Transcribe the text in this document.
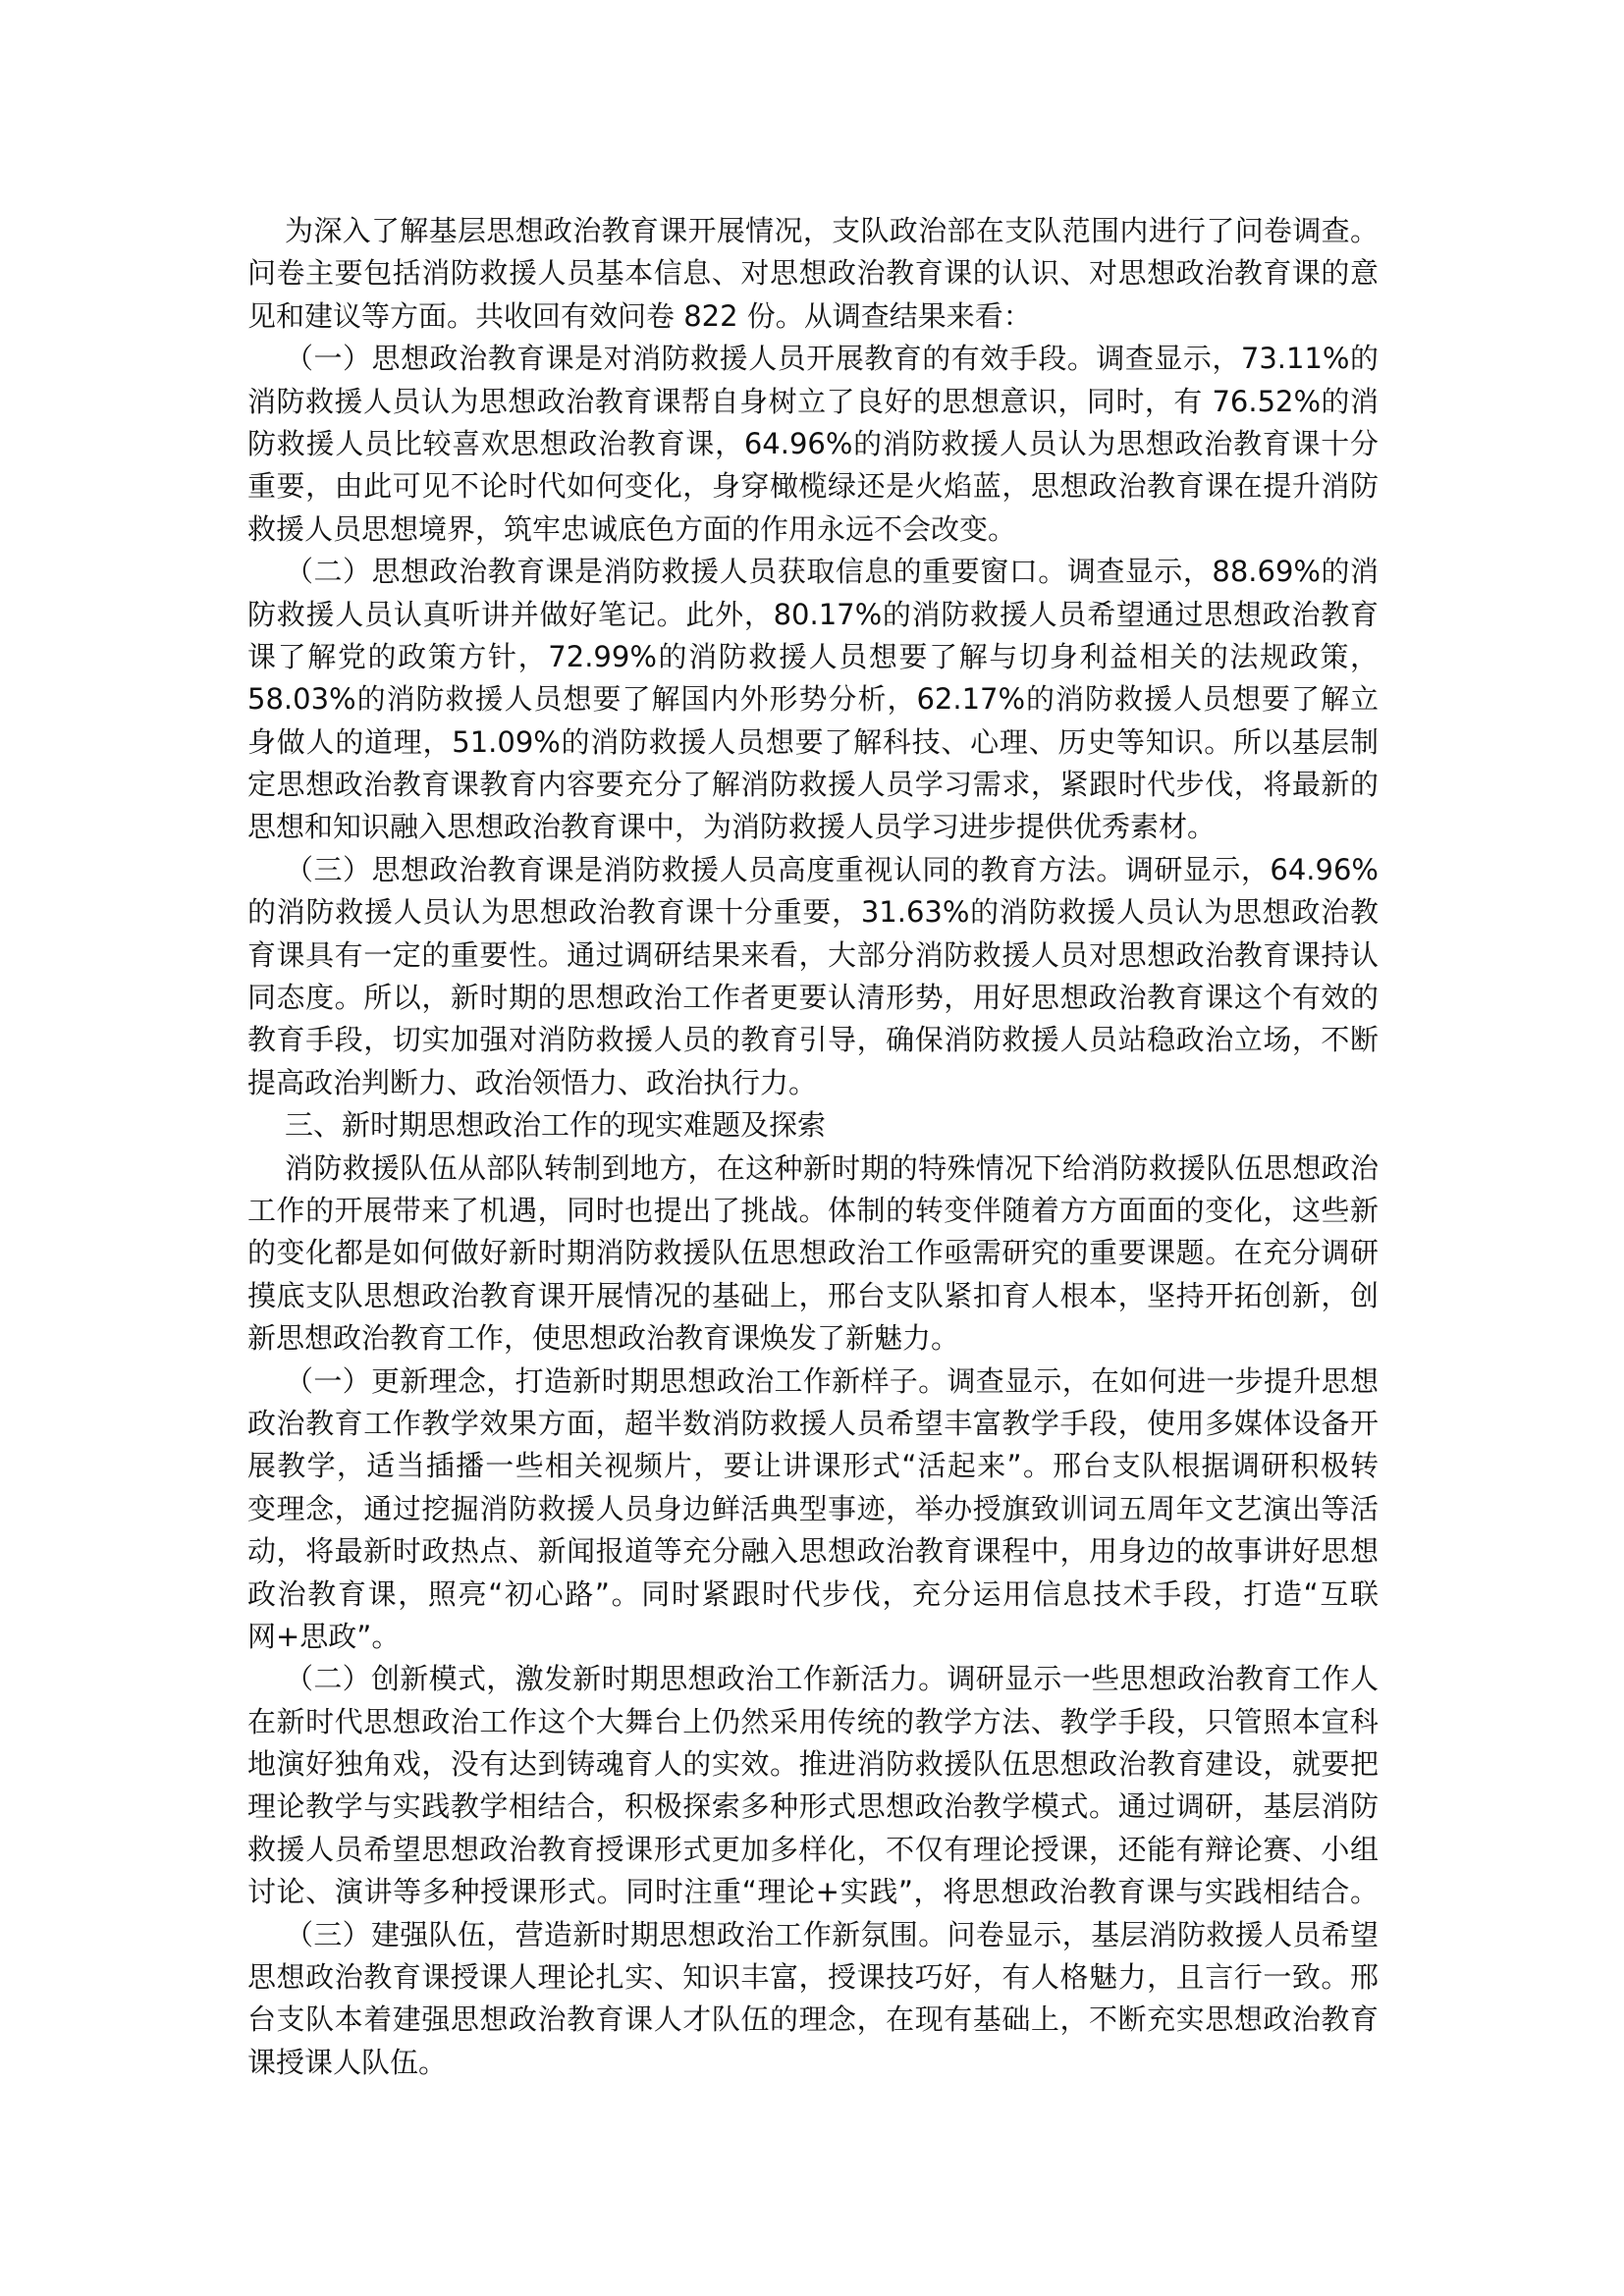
为深入了解基层思想政治教育课开展情况，支队政治部在支队范围内进行了问卷调查。
问卷主要包括消防救援人员基本信息、对思想政治教育课的认识、对思想政治教育课的意
见和建议等方面。共收回有效问卷 822 份。从调查结果来看：
（一）思想政治教育课是对消防救援人员开展教育的有效手段。调查显示，73.11%的
消防救援人员认为思想政治教育课帮自身树立了良好的思想意识，同时，有 76.52%的消
防救援人员比较喜欢思想政治教育课，64.96%的消防救援人员认为思想政治教育课十分
重要，由此可见不论时代如何变化，身穿橄榄绿还是火焰蓝，思想政治教育课在提升消防
救援人员思想境界，筑牢忠诚底色方面的作用永远不会改变。
（二）思想政治教育课是消防救援人员获取信息的重要窗口。调查显示，88.69%的消
防救援人员认真听讲并做好笔记。此外，80.17%的消防救援人员希望通过思想政治教育
课了解党的政策方针，72.99%的消防救援人员想要了解与切身利益相关的法规政策，
58.03%的消防救援人员想要了解国内外形势分析，62.17%的消防救援人员想要了解立
身做人的道理，51.09%的消防救援人员想要了解科技、心理、历史等知识。所以基层制
定思想政治教育课教育内容要充分了解消防救援人员学习需求，紧跟时代步伐，将最新的
思想和知识融入思想政治教育课中，为消防救援人员学习进步提供优秀素材。
（三）思想政治教育课是消防救援人员高度重视认同的教育方法。调研显示，64.96%
的消防救援人员认为思想政治教育课十分重要，31.63%的消防救援人员认为思想政治教
育课具有一定的重要性。通过调研结果来看，大部分消防救援人员对思想政治教育课持认
同态度。所以，新时期的思想政治工作者更要认清形势，用好思想政治教育课这个有效的
教育手段，切实加强对消防救援人员的教育引导，确保消防救援人员站稳政治立场，不断
提高政治判断力、政治领悟力、政治执行力。
三、新时期思想政治工作的现实难题及探索
消防救援队伍从部队转制到地方，在这种新时期的特殊情况下给消防救援队伍思想政治
工作的开展带来了机遇，同时也提出了挑战。体制的转变伴随着方方面面的变化，这些新
的变化都是如何做好新时期消防救援队伍思想政治工作亟需研究的重要课题。在充分调研
摸底支队思想政治教育课开展情况的基础上，邢台支队紧扣育人根本，坚持开拓创新，创
新思想政治教育工作，使思想政治教育课焕发了新魅力。
（一）更新理念，打造新时期思想政治工作新样子。调查显示，在如何进一步提升思想
政治教育工作教学效果方面，超半数消防救援人员希望丰富教学手段，使用多媒体设备开
展教学，适当插播一些相关视频片，要让讲课形式“活起来”。邢台支队根据调研积极转
变理念，通过挖掘消防救援人员身边鲜活典型事迹，举办授旗致训词五周年文艺演出等活
动，将最新时政热点、新闻报道等充分融入思想政治教育课程中，用身边的故事讲好思想
政治教育课，照亮“初心路”。同时紧跟时代步伐，充分运用信息技术手段，打造“互联
网+思政”。
（二）创新模式，激发新时期思想政治工作新活力。调研显示一些思想政治教育工作人
在新时代思想政治工作这个大舞台上仍然采用传统的教学方法、教学手段，只管照本宣科
地演好独角戏，没有达到铸魂育人的实效。推进消防救援队伍思想政治教育建设，就要把
理论教学与实践教学相结合，积极探索多种形式思想政治教学模式。通过调研，基层消防
救援人员希望思想政治教育授课形式更加多样化，不仅有理论授课，还能有辩论赛、小组
讨论、演讲等多种授课形式。同时注重“理论+实践”，将思想政治教育课与实践相结合。
（三）建强队伍，营造新时期思想政治工作新氛围。问卷显示，基层消防救援人员希望
思想政治教育课授课人理论扎实、知识丰富，授课技巧好，有人格魅力，且言行一致。邢
台支队本着建强思想政治教育课人才队伍的理念，在现有基础上，不断充实思想政治教育
课授课人队伍。
